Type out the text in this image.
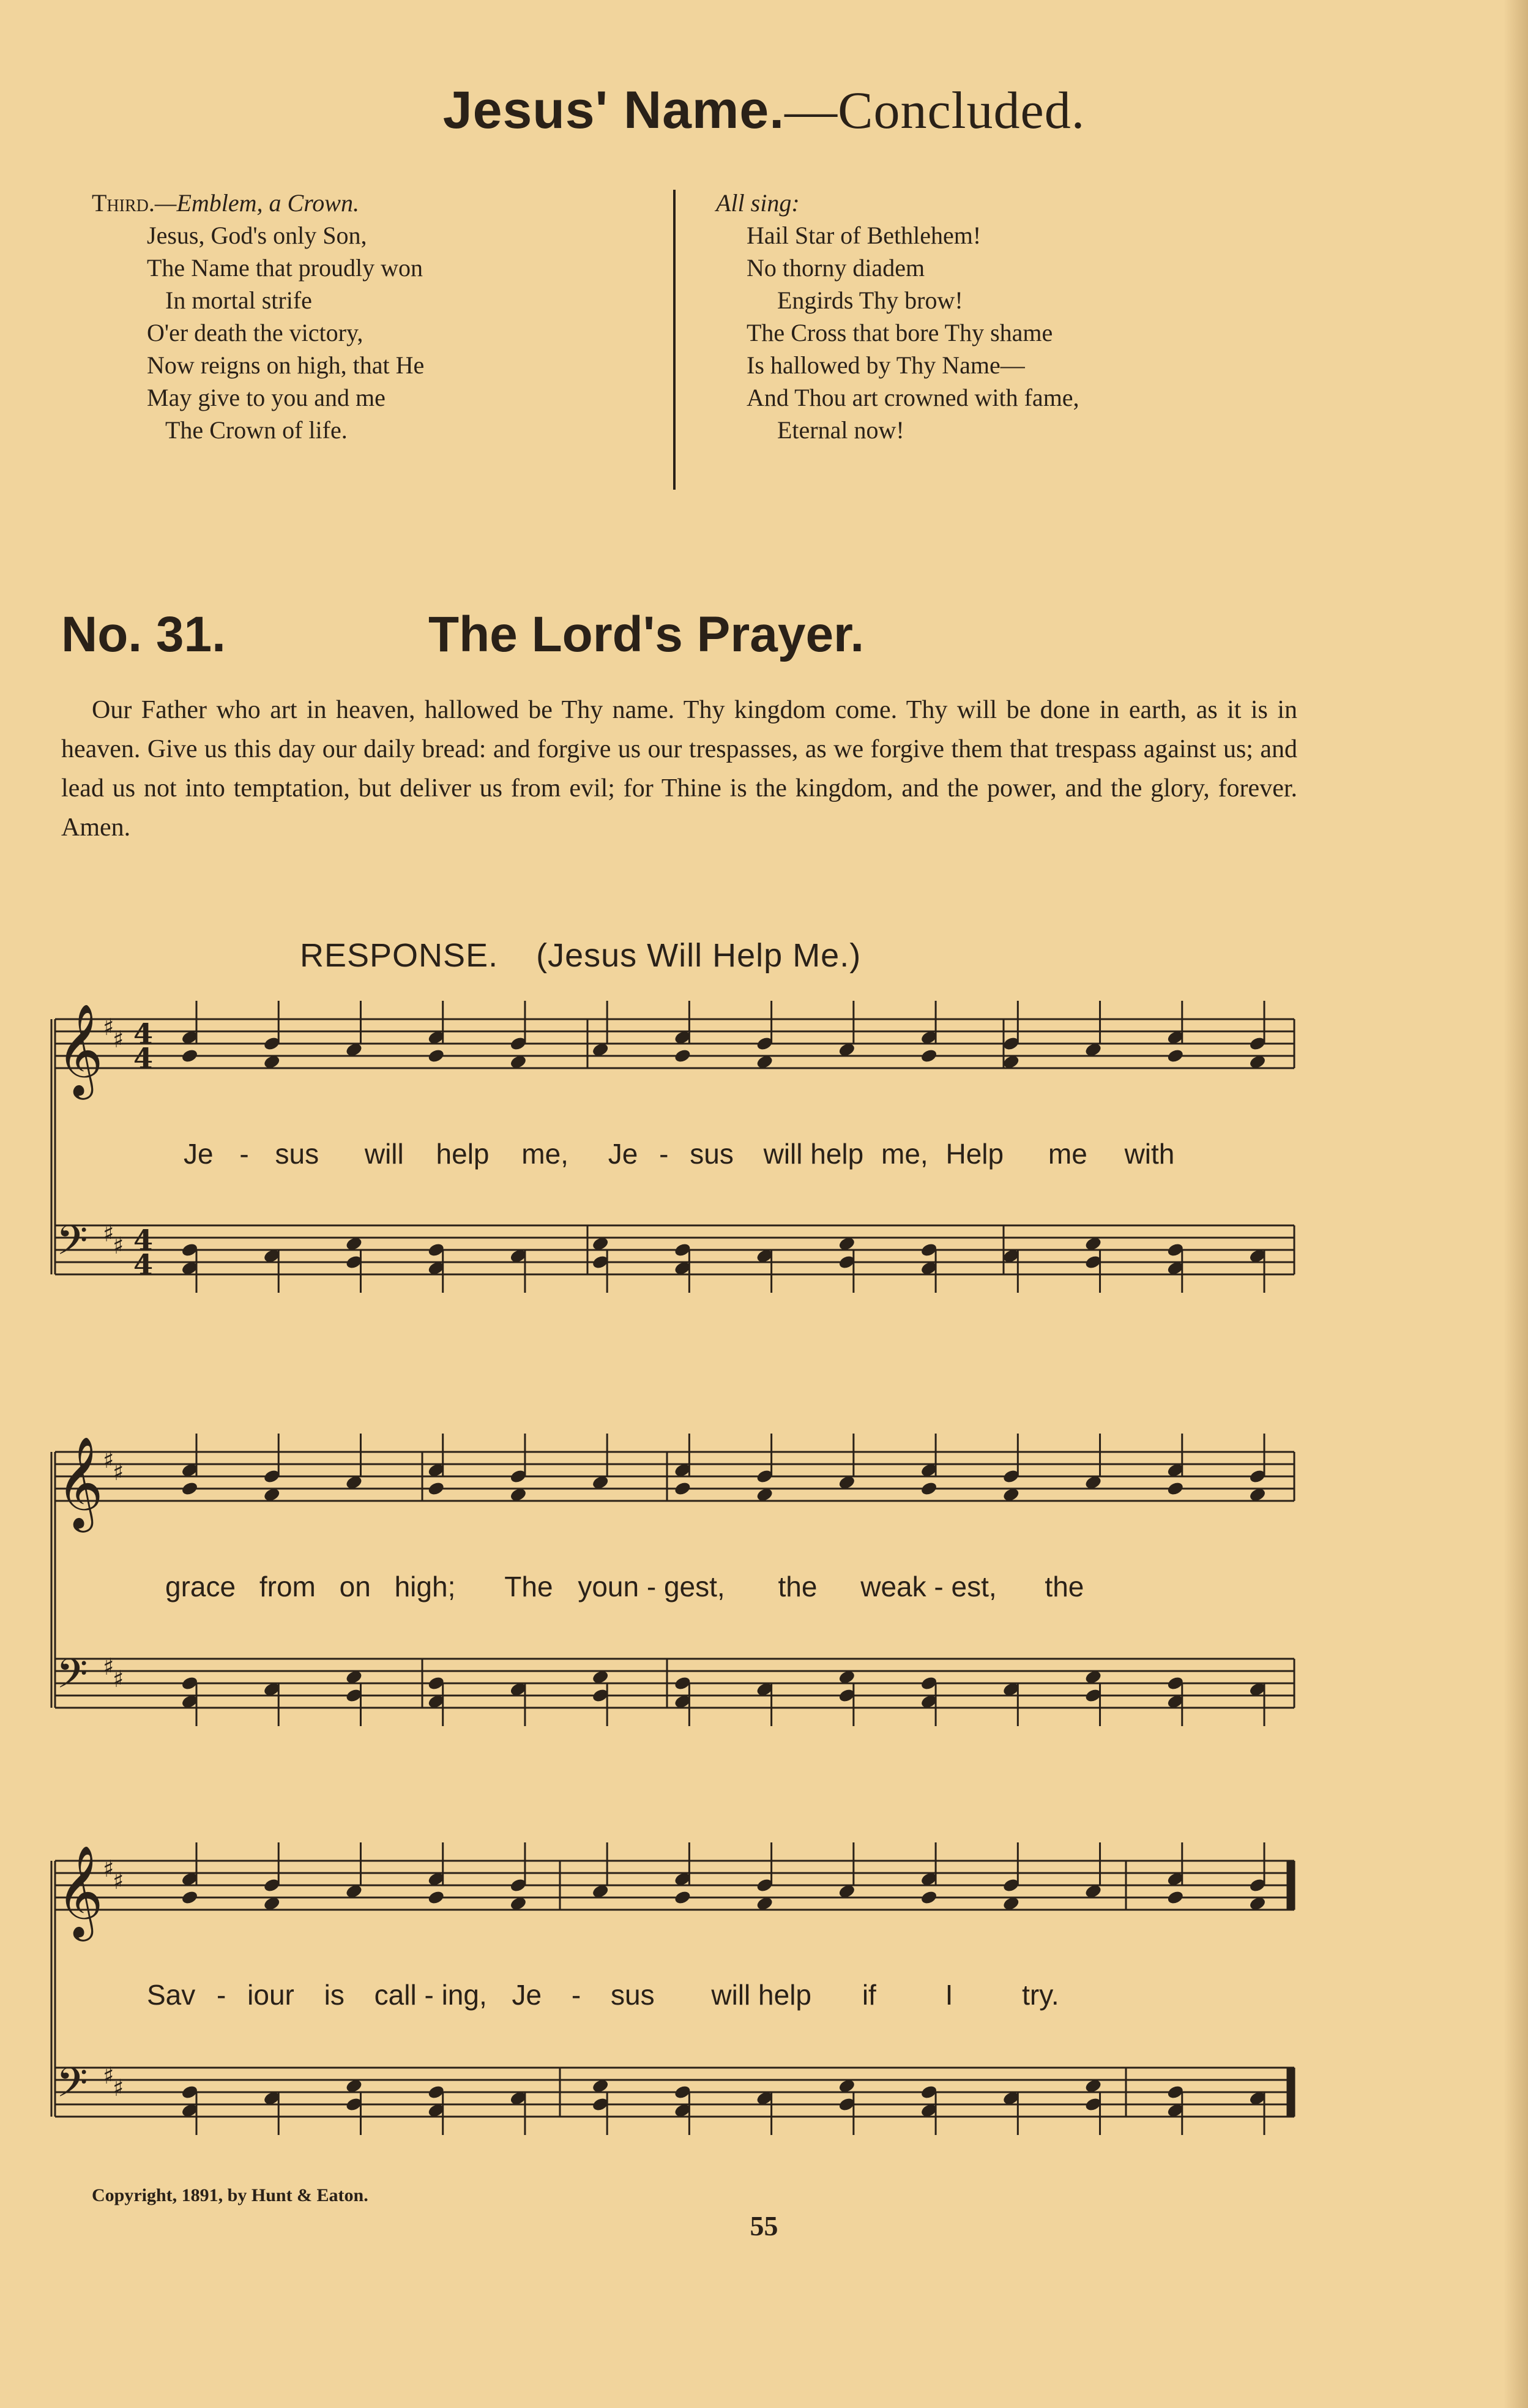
Jesus' Name.—Concluded.
Third.—Emblem, a Crown.
Jesus, God's only Son,
The Name that proudly won
In mortal strife
O'er death the victory,
Now reigns on high, that He
May give to you and me
The Crown of life.
All sing:
Hail Star of Bethlehem!
No thorny diadem
Engirds Thy brow!
The Cross that bore Thy shame
Is hallowed by Thy Name—
And Thou art crowned with fame,
Eternal now!
No. 31.	The Lord's Prayer.

Our Father who art in heaven, hallowed be Thy name. Thy kingdom come. Thy will be done in earth, as it is in heaven. Give us this day our daily bread: and forgive us our trespasses, as we forgive them that trespass against us; and lead us not into temptation, but deliver us from evil; for Thine is the kingdom, and the power, and the glory, forever. Amen.

RESPONSE. (Jesus Will Help Me.)
𝄞 ♯
♯ 4
4
𝄢 ♯
♯ 4
4
𝄞 ♯
♯
𝄢 ♯
♯
𝄞 ♯
♯
𝄢 ♯
♯
Je - sus will help me, Je - sus will help me, Help me with
grace from on high; The youn - gest, the weak - est, the
Sav - iour is call - ing, Je - sus will help if I try.
Copyright, 1891, by Hunt & Eaton.
55
